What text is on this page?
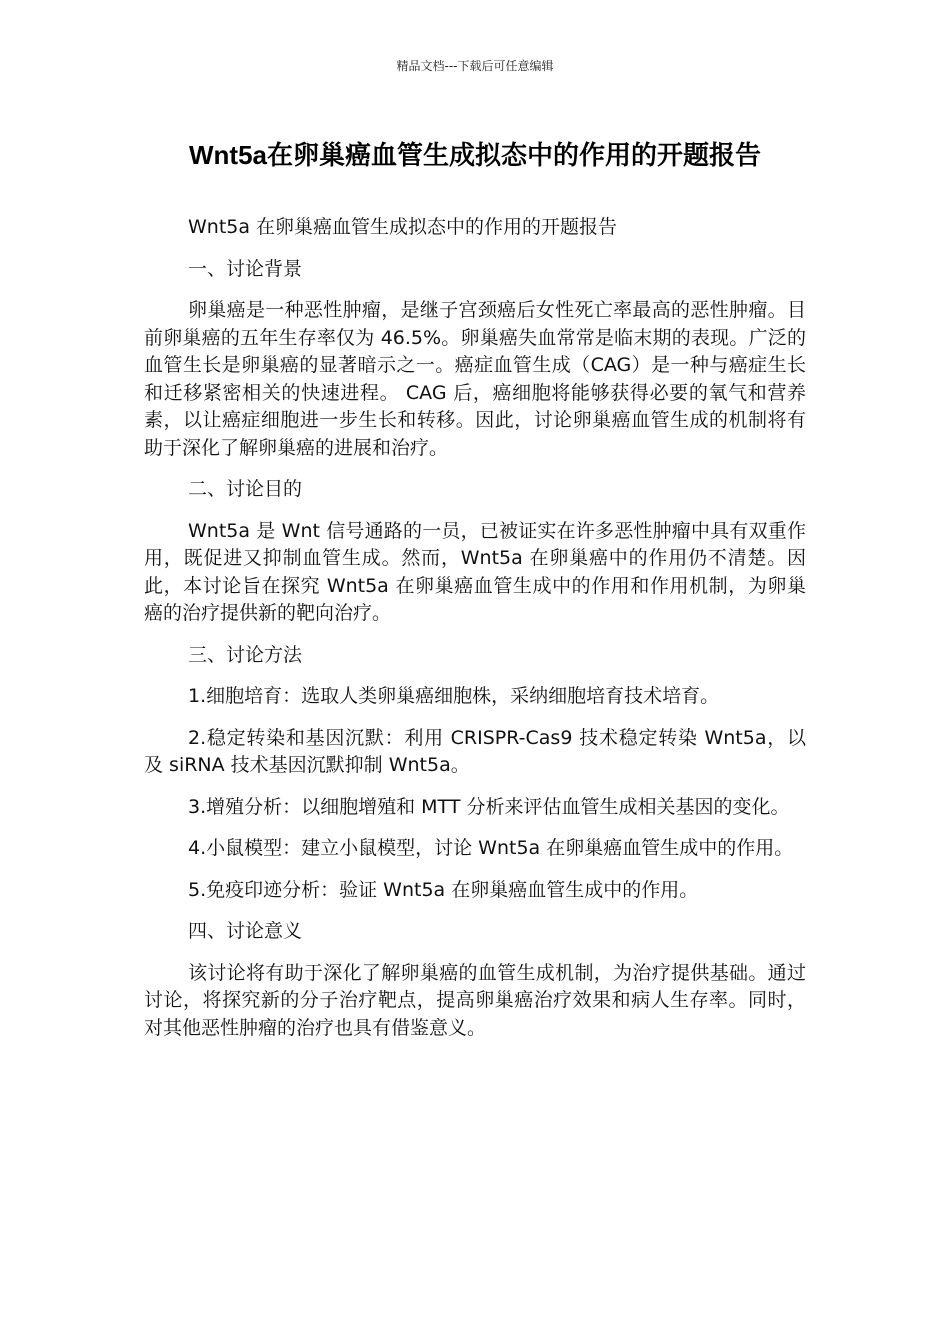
精品文档---下载后可任意编辑
Wnt5a在卵巢癌血管生成拟态中的作用的开题报告

Wnt5a 在卵巢癌血管生成拟态中的作用的开题报告

一、讨论背景

卵巢癌是一种恶性肿瘤，是继子宫颈癌后女性死亡率最高的恶性肿瘤。目前卵巢癌的五年生存率仅为 46.5%。卵巢癌失血常常是临末期的表现。广泛的血管生长是卵巢癌的显著暗示之一。癌症血管生成（CAG）是一种与癌症生长和迁移紧密相关的快速进程。 CAG 后，癌细胞将能够获得必要的氧气和营养素，以让癌症细胞进一步生长和转移。因此，讨论卵巢癌血管生成的机制将有助于深化了解卵巢癌的进展和治疗。

二、讨论目的

Wnt5a 是 Wnt 信号通路的一员，已被证实在许多恶性肿瘤中具有双重作用，既促进又抑制血管生成。然而，Wnt5a 在卵巢癌中的作用仍不清楚。因此，本讨论旨在探究 Wnt5a 在卵巢癌血管生成中的作用和作用机制，为卵巢癌的治疗提供新的靶向治疗。

三、讨论方法

1.细胞培育：选取人类卵巢癌细胞株，采纳细胞培育技术培育。

2.稳定转染和基因沉默：利用 CRISPR-Cas9 技术稳定转染 Wnt5a，以及 siRNA 技术基因沉默抑制 Wnt5a。

3.增殖分析：以细胞增殖和 MTT 分析来评估血管生成相关基因的变化。

4.小鼠模型：建立小鼠模型，讨论 Wnt5a 在卵巢癌血管生成中的作用。

5.免疫印迹分析：验证 Wnt5a 在卵巢癌血管生成中的作用。

四、讨论意义

该讨论将有助于深化了解卵巢癌的血管生成机制，为治疗提供基础。通过讨论，将探究新的分子治疗靶点，提高卵巢癌治疗效果和病人生存率。同时，对其他恶性肿瘤的治疗也具有借鉴意义。
